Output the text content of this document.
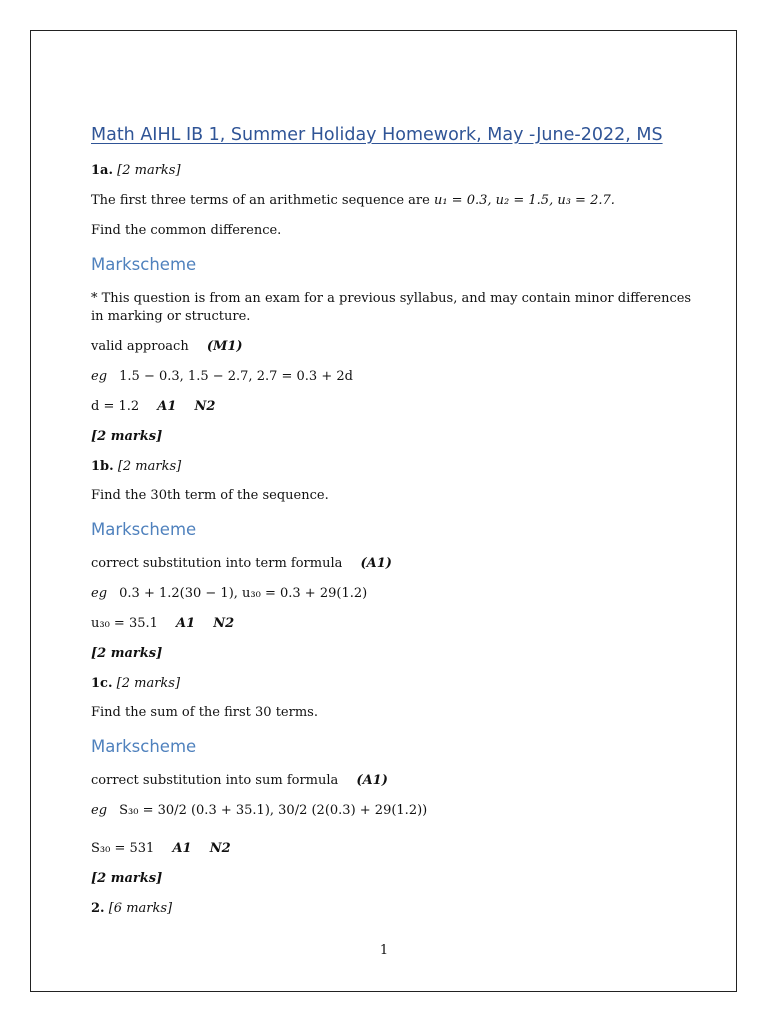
Math AIHL IB 1, Summer Holiday Homework, May -June-2022, MS
1a. [2 marks]
The first three terms of an arithmetic sequence are u₁ = 0.3, u₂ = 1.5, u₃ = 2.7.
Find the common difference.
Markscheme
* This question is from an exam for a previous syllabus, and may contain minor differences
in marking or structure.
valid approach (M1)
eg 1.5 − 0.3, 1.5 − 2.7, 2.7 = 0.3 + 2d
d = 1.2 A1    N2
[2 marks]
1b. [2 marks]
Find the 30th term of the sequence.
Markscheme
correct substitution into term formula (A1)
eg 0.3 + 1.2(30 − 1), u₃₀ = 0.3 + 29(1.2)
u₃₀ = 35.1 A1    N2
[2 marks]
1c. [2 marks]
Find the sum of the first 30 terms.
Markscheme
correct substitution into sum formula (A1)
eg S₃₀ = 30/2 (0.3 + 35.1), 30/2 (2(0.3) + 29(1.2))
S₃₀ = 531 A1    N2
[2 marks]
2. [6 marks]
1
